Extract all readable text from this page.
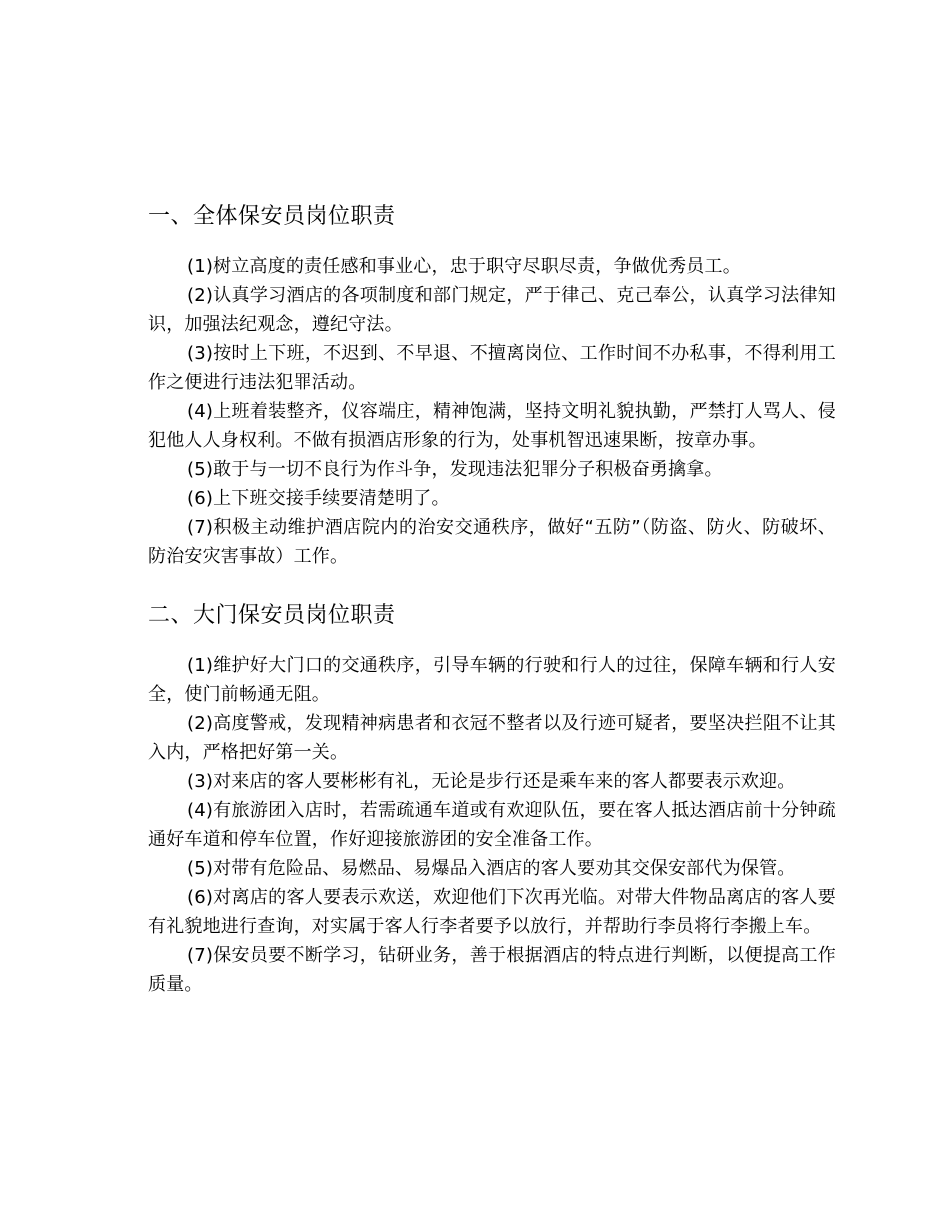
一、全体保安员岗位职责

(1)树立高度的责任感和事业心，忠于职守尽职尽责，争做优秀员工。

(2)认真学习酒店的各项制度和部门规定，严于律己、克己奉公，认真学习法律知识，加强法纪观念，遵纪守法。

(3)按时上下班，不迟到、不早退、不擅离岗位、工作时间不办私事，不得利用工作之便进行违法犯罪活动。

(4)上班着装整齐，仪容端庄，精神饱满，坚持文明礼貌执勤，严禁打人骂人、侵犯他人人身权利。不做有损酒店形象的行为，处事机智迅速果断，按章办事。

(5)敢于与一切不良行为作斗争，发现违法犯罪分子积极奋勇擒拿。

(6)上下班交接手续要清楚明了。

(7)积极主动维护酒店院内的治安交通秩序，做好“五防”（防盗、防火、防破坏、防治安灾害事故）工作。

二、大门保安员岗位职责

(1)维护好大门口的交通秩序，引导车辆的行驶和行人的过往，保障车辆和行人安全，使门前畅通无阻。

(2)高度警戒，发现精神病患者和衣冠不整者以及行迹可疑者，要坚决拦阻不让其入内，严格把好第一关。

(3)对来店的客人要彬彬有礼，无论是步行还是乘车来的客人都要表示欢迎。

(4)有旅游团入店时，若需疏通车道或有欢迎队伍，要在客人抵达酒店前十分钟疏通好车道和停车位置，作好迎接旅游团的安全准备工作。

(5)对带有危险品、易燃品、易爆品入酒店的客人要劝其交保安部代为保管。

(6)对离店的客人要表示欢送，欢迎他们下次再光临。对带大件物品离店的客人要有礼貌地进行查询，对实属于客人行李者要予以放行，并帮助行李员将行李搬上车。

(7)保安员要不断学习，钻研业务，善于根据酒店的特点进行判断，以便提高工作质量。
